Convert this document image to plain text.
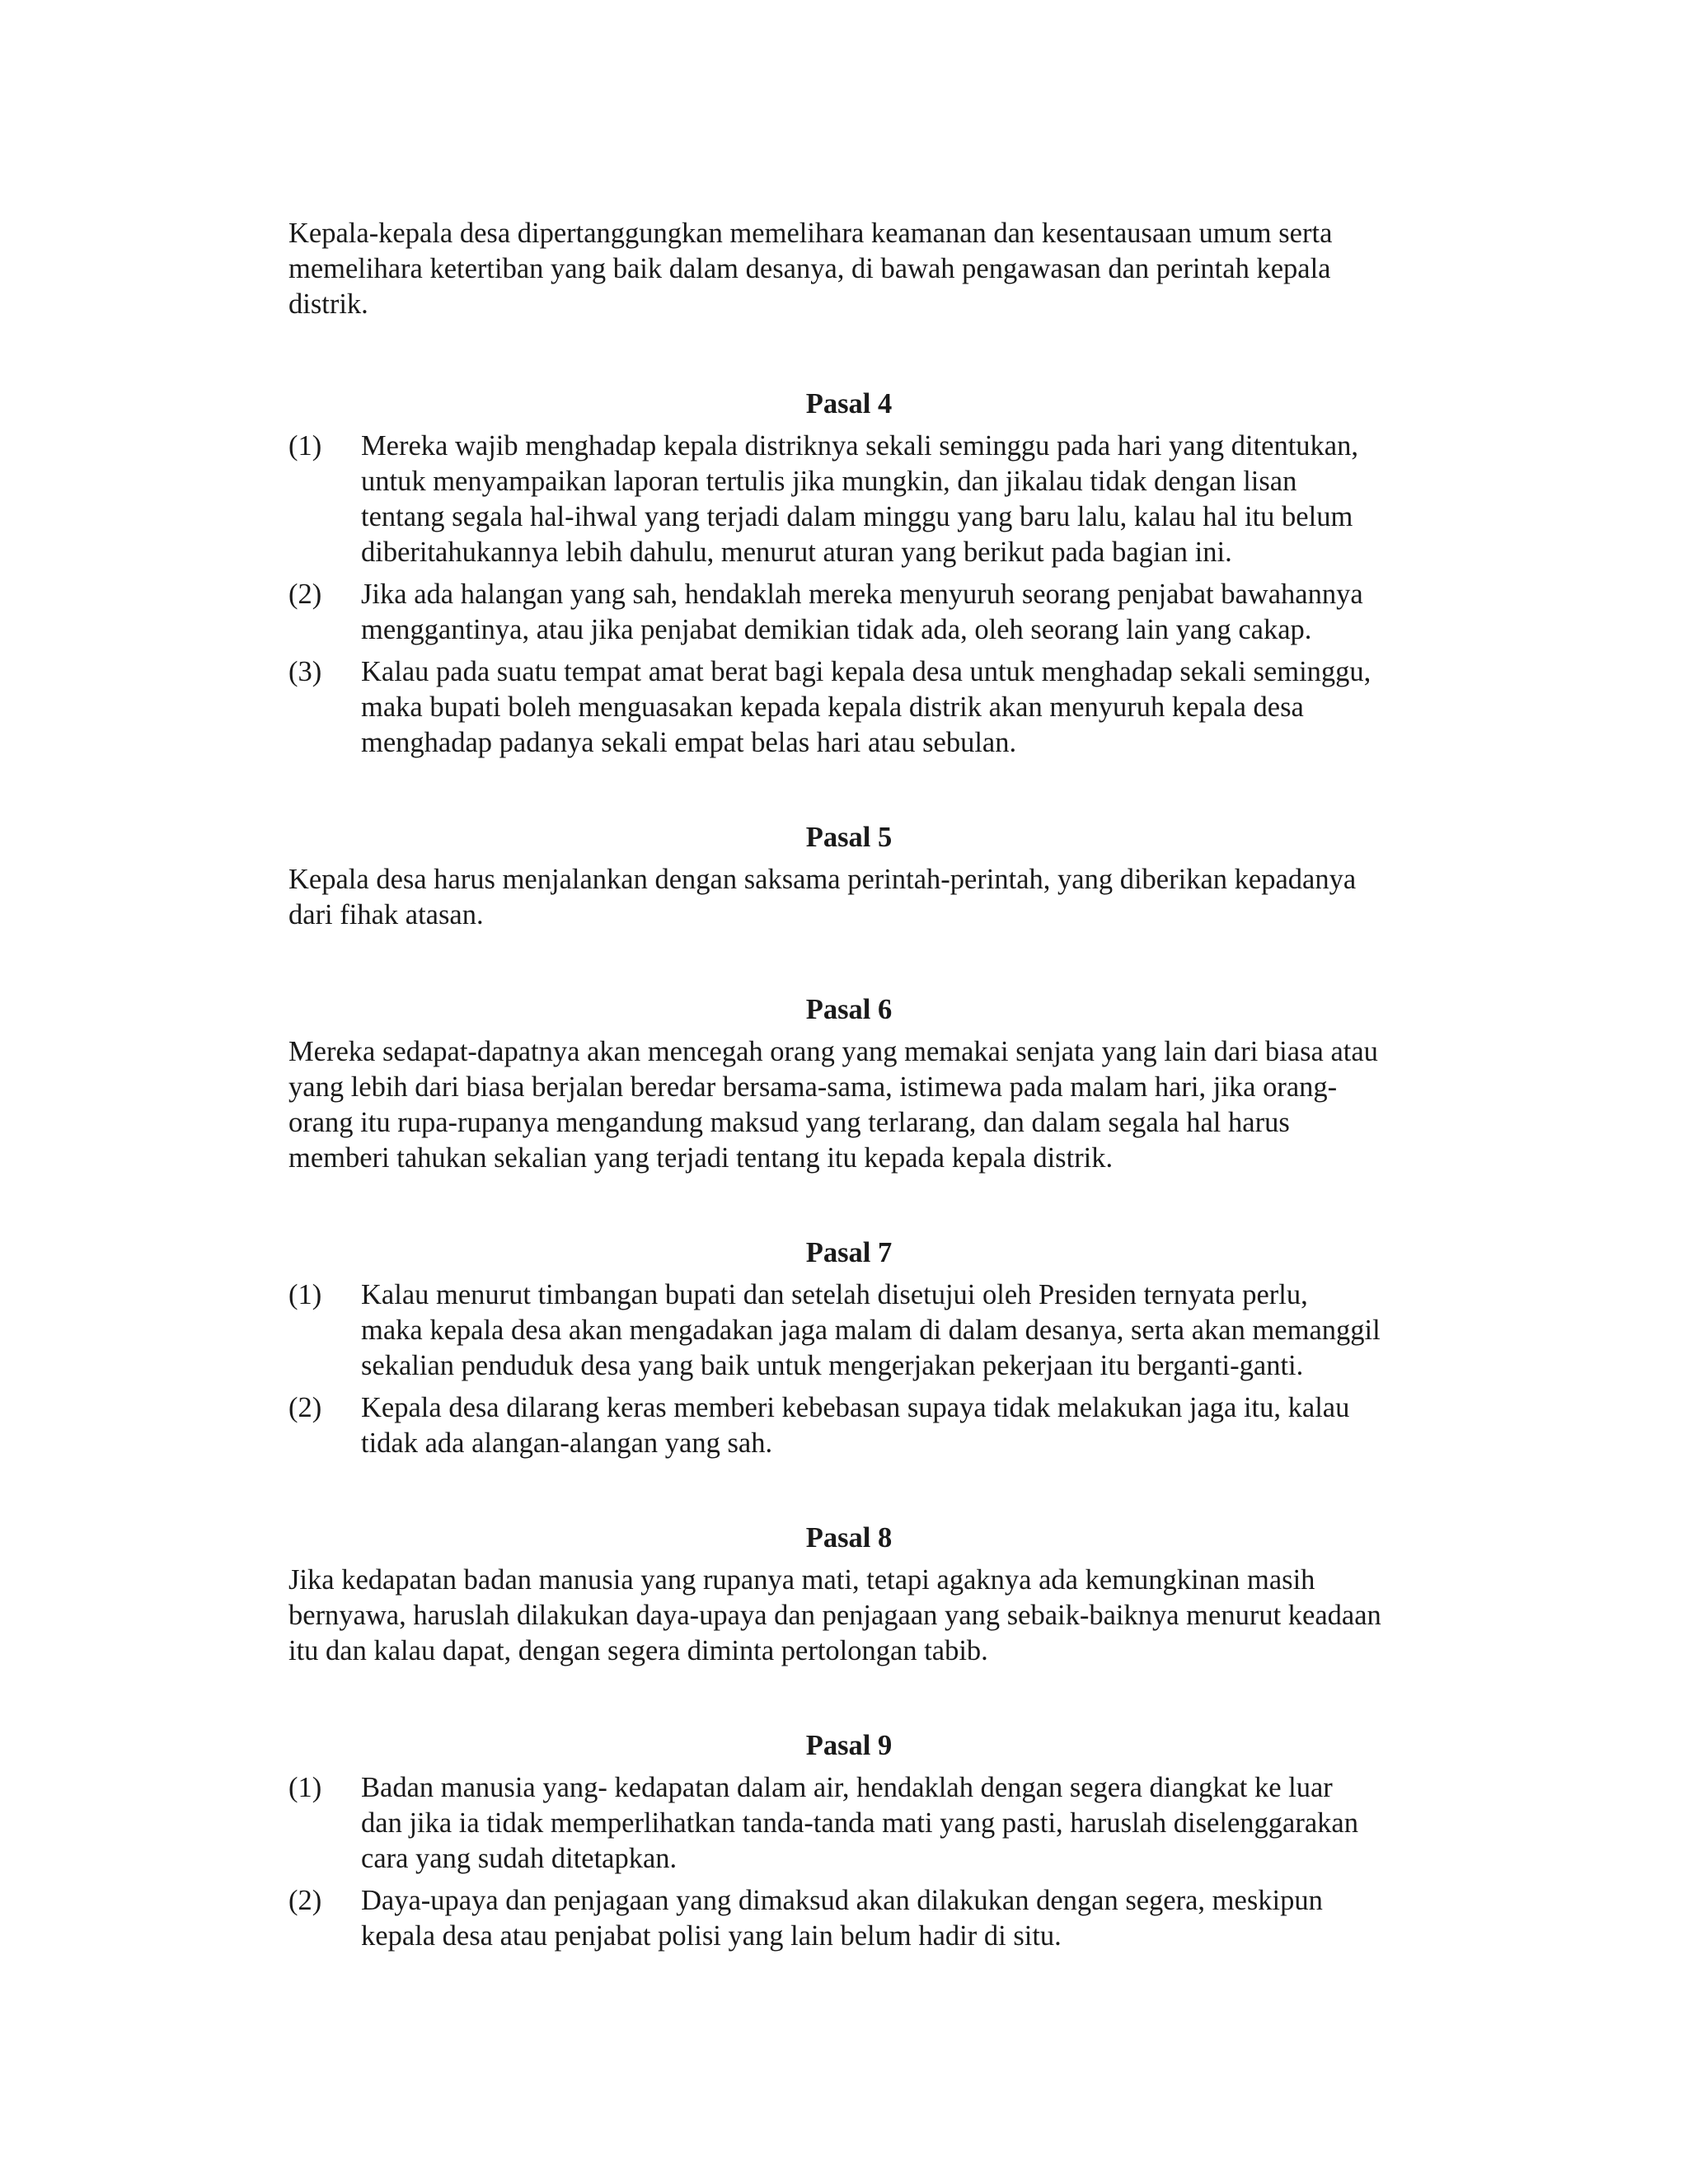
Kepala-kepala desa dipertanggungkan memelihara keamanan dan kesentausaan umum serta
memelihara ketertiban yang baik dalam desanya, di bawah pengawasan dan perintah kepala
distrik.

Pasal 4

(1)	Mereka wajib menghadap kepala distriknya sekali seminggu pada hari yang ditentukan,
untuk menyampaikan laporan tertulis jika mungkin, dan jikalau tidak dengan lisan
tentang segala hal-ihwal yang terjadi dalam minggu yang baru lalu, kalau hal itu belum
diberitahukannya lebih dahulu, menurut aturan yang berikut pada bagian ini.
(2)	Jika ada halangan yang sah, hendaklah mereka menyuruh seorang penjabat bawahannya
menggantinya, atau jika penjabat demikian tidak ada, oleh seorang lain yang cakap.
(3)	Kalau pada suatu tempat amat berat bagi kepala desa untuk menghadap sekali seminggu,
maka bupati boleh menguasakan kepada kepala distrik akan menyuruh kepala desa
menghadap padanya sekali empat belas hari atau sebulan.

Pasal 5

Kepala desa harus menjalankan dengan saksama perintah-perintah, yang diberikan kepadanya
dari fihak atasan.

Pasal 6

Mereka sedapat-dapatnya akan mencegah orang yang memakai senjata yang lain dari biasa atau
yang lebih dari biasa berjalan beredar bersama-sama, istimewa pada malam hari, jika orang-
orang itu rupa-rupanya mengandung maksud yang terlarang, dan dalam segala hal harus
memberi tahukan sekalian yang terjadi tentang itu kepada kepala distrik.

Pasal 7

(1)	Kalau menurut timbangan bupati dan setelah disetujui oleh Presiden ternyata perlu,
maka kepala desa akan mengadakan jaga malam di dalam desanya, serta akan memanggil
sekalian penduduk desa yang baik untuk mengerjakan pekerjaan itu berganti-ganti.
(2)	Kepala desa dilarang keras memberi kebebasan supaya tidak melakukan jaga itu, kalau
tidak ada alangan-alangan yang sah.

Pasal 8

Jika kedapatan badan manusia yang rupanya mati, tetapi agaknya ada kemungkinan masih
bernyawa, haruslah dilakukan daya-upaya dan penjagaan yang sebaik-baiknya menurut keadaan
itu dan kalau dapat, dengan segera diminta pertolongan tabib.

Pasal 9

(1)	Badan manusia yang- kedapatan dalam air, hendaklah dengan segera diangkat ke luar
dan jika ia tidak memperlihatkan tanda-tanda mati yang pasti, haruslah diselenggarakan
cara yang sudah ditetapkan.
(2)	Daya-upaya dan penjagaan yang dimaksud akan dilakukan dengan segera, meskipun
kepala desa atau penjabat polisi yang lain belum hadir di situ.
